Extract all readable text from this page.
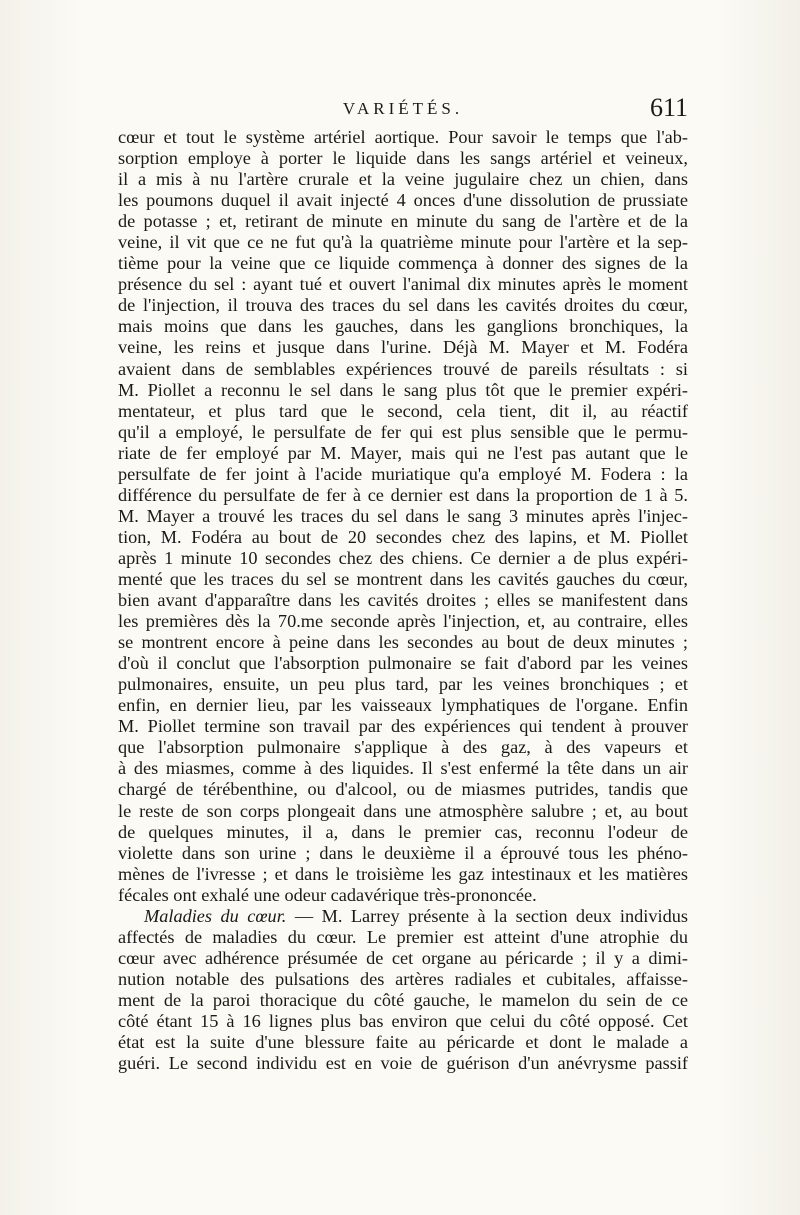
VARIÉTÉS.	611
cœur et tout le système artériel aortique. Pour savoir le temps que l'ab-
sorption employe à porter le liquide dans les sangs artériel et veineux,
il a mis à nu l'artère crurale et la veine jugulaire chez un chien, dans
les poumons duquel il avait injecté 4 onces d'une dissolution de prussiate
de potasse ; et, retirant de minute en minute du sang de l'artère et de la
veine, il vit que ce ne fut qu'à la quatrième minute pour l'artère et la sep-
tième pour la veine que ce liquide commença à donner des signes de la
présence du sel : ayant tué et ouvert l'animal dix minutes après le moment
de l'injection, il trouva des traces du sel dans les cavités droites du cœur,
mais moins que dans les gauches, dans les ganglions bronchiques, la
veine, les reins et jusque dans l'urine. Déjà M. Mayer et M. Fodéra
avaient dans de semblables expériences trouvé de pareils résultats : si
M. Piollet a reconnu le sel dans le sang plus tôt que le premier expéri-
mentateur, et plus tard que le second, cela tient, dit il, au réactif
qu'il a employé, le persulfate de fer qui est plus sensible que le permu-
riate de fer employé par M. Mayer, mais qui ne l'est pas autant que le
persulfate de fer joint à l'acide muriatique qu'a employé M. Fodera : la
différence du persulfate de fer à ce dernier est dans la proportion de 1 à 5.
M. Mayer a trouvé les traces du sel dans le sang 3 minutes après l'injec-
tion, M. Fodéra au bout de 20 secondes chez des lapins, et M. Piollet
après 1 minute 10 secondes chez des chiens. Ce dernier a de plus expéri-
menté que les traces du sel se montrent dans les cavités gauches du cœur,
bien avant d'apparaître dans les cavités droites ; elles se manifestent dans
les premières dès la 70.me seconde après l'injection, et, au contraire, elles
se montrent encore à peine dans les secondes au bout de deux minutes ;
d'où il conclut que l'absorption pulmonaire se fait d'abord par les veines
pulmonaires, ensuite, un peu plus tard, par les veines bronchiques ; et
enfin, en dernier lieu, par les vaisseaux lymphatiques de l'organe. Enfin
M. Piollet termine son travail par des expériences qui tendent à prouver
que l'absorption pulmonaire s'applique à des gaz, à des vapeurs et
à des miasmes, comme à des liquides. Il s'est enfermé la tête dans un air
chargé de térébenthine, ou d'alcool, ou de miasmes putrides, tandis que
le reste de son corps plongeait dans une atmosphère salubre ; et, au bout
de quelques minutes, il a, dans le premier cas, reconnu l'odeur de
violette dans son urine ; dans le deuxième il a éprouvé tous les phéno-
mènes de l'ivresse ; et dans le troisième les gaz intestinaux et les matières
fécales ont exhalé une odeur cadavérique très-prononcée.
Maladies du cœur. — M. Larrey présente à la section deux individus
affectés de maladies du cœur. Le premier est atteint d'une atrophie du
cœur avec adhérence présumée de cet organe au péricarde ; il y a dimi-
nution notable des pulsations des artères radiales et cubitales, affaisse-
ment de la paroi thoracique du côté gauche, le mamelon du sein de ce
côté étant 15 à 16 lignes plus bas environ que celui du côté opposé. Cet
état est la suite d'une blessure faite au péricarde et dont le malade a
guéri. Le second individu est en voie de guérison d'un anévrysme passif
